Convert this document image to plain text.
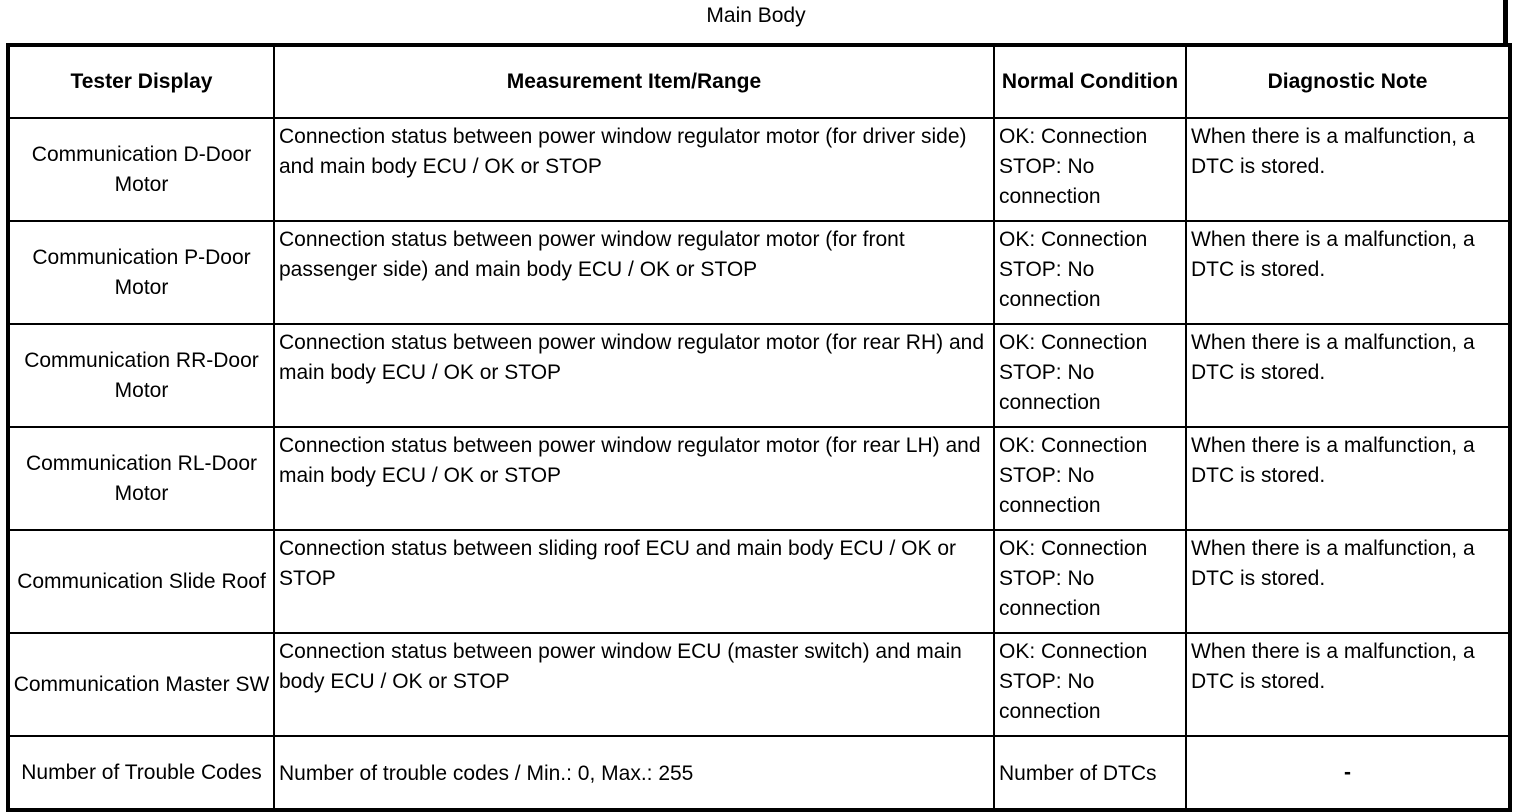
Main Body
Tester Display	Measurement Item/Range	Normal Condition	Diagnostic Note
Communication D-Door Motor	Connection status between power window regulator motor (for driver side) and main body ECU / OK or STOP	OK: Connection STOP: No connection	When there is a malfunction, a DTC is stored.
Communication P-Door Motor	Connection status between power window regulator motor (for front passenger side) and main body ECU / OK or STOP	OK: Connection STOP: No connection	When there is a malfunction, a DTC is stored.
Communication RR-Door Motor	Connection status between power window regulator motor (for rear RH) and main body ECU / OK or STOP	OK: Connection STOP: No connection	When there is a malfunction, a DTC is stored.
Communication RL-Door Motor	Connection status between power window regulator motor (for rear LH) and main body ECU / OK or STOP	OK: Connection STOP: No connection	When there is a malfunction, a DTC is stored.
Communication Slide Roof	Connection status between sliding roof ECU and main body ECU / OK or STOP	OK: Connection STOP: No connection	When there is a malfunction, a DTC is stored.
Communication Master SW	Connection status between power window ECU (master switch) and main body ECU / OK or STOP	OK: Connection STOP: No connection	When there is a malfunction, a DTC is stored.
Number of Trouble Codes	Number of trouble codes / Min.: 0, Max.: 255	Number of DTCs	-
